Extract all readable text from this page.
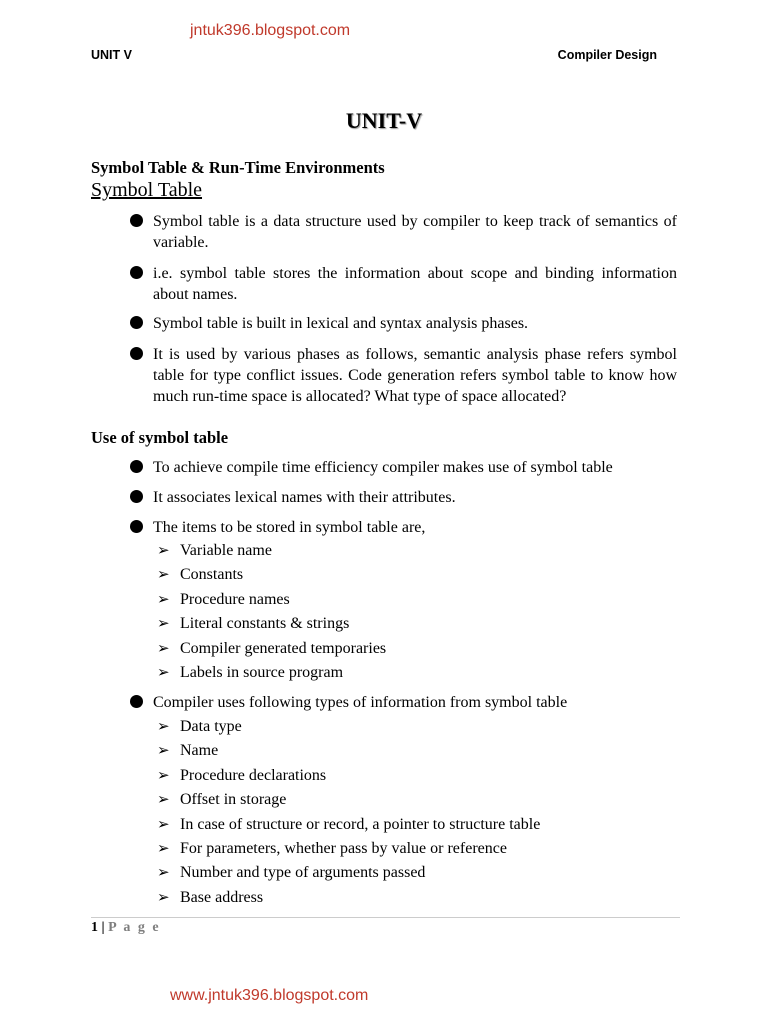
jntuk396.blogspot.com
UNIT V	Compiler Design
UNIT-V
Symbol Table & Run-Time Environments
Symbol Table
Symbol table is a data structure used by compiler to keep track of semantics of variable.
i.e. symbol table stores the information about scope and binding information about names.
Symbol table is built in lexical and syntax analysis phases.
It is used by various phases as follows, semantic analysis phase refers symbol table for type conflict issues. Code generation refers symbol table to know how much run-time space is allocated? What type of space allocated?
Use of symbol table
To achieve compile time efficiency compiler makes use of symbol table
It associates lexical names with their attributes.
The items to be stored in symbol table are,
➢ Variable name
➢ Constants
➢ Procedure names
➢ Literal constants & strings
➢ Compiler generated temporaries
➢ Labels in source program
Compiler uses following types of information from symbol table
➢ Data type
➢ Name
➢ Procedure declarations
➢ Offset in storage
➢ In case of structure or record, a pointer to structure table
➢ For parameters, whether pass by value or reference
➢ Number and type of arguments passed
➢ Base address
1 | P a g e
www.jntuk396.blogspot.com
